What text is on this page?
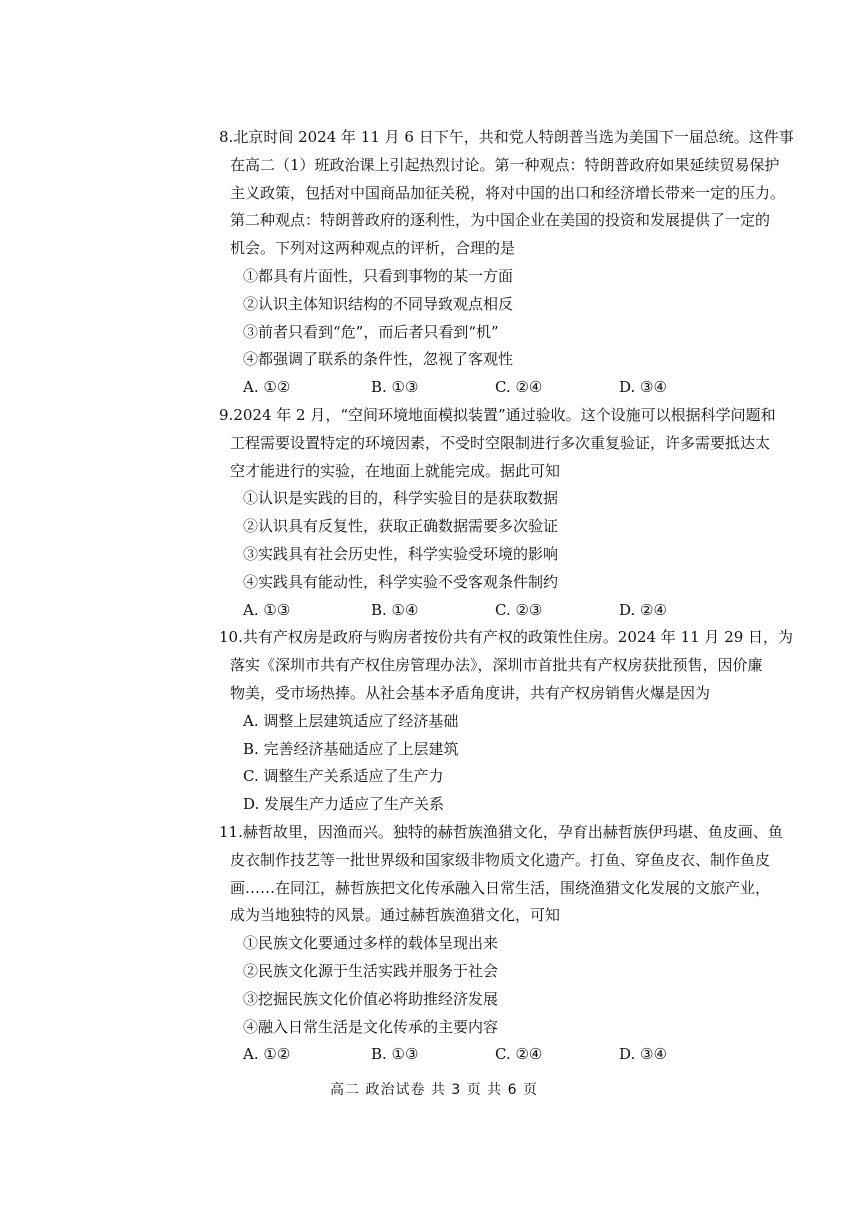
8.北京时间 2024 年 11 月 6 日下午，共和党人特朗普当选为美国下一届总统。这件事
在高二（1）班政治课上引起热烈讨论。第一种观点：特朗普政府如果延续贸易保护
主义政策，包括对中国商品加征关税，将对中国的出口和经济增长带来一定的压力。
第二种观点：特朗普政府的逐利性，为中国企业在美国的投资和发展提供了一定的
机会。下列对这两种观点的评析，合理的是
①都具有片面性，只看到事物的某一方面
②认识主体知识结构的不同导致观点相反
③前者只看到“危”，而后者只看到“机”
④都强调了联系的条件性，忽视了客观性
A. ①②	B. ①③	C. ②④	D. ③④
9.2024 年 2 月，“空间环境地面模拟装置”通过验收。这个设施可以根据科学问题和
工程需要设置特定的环境因素，不受时空限制进行多次重复验证，许多需要抵达太
空才能进行的实验，在地面上就能完成。据此可知
①认识是实践的目的，科学实验目的是获取数据
②认识具有反复性，获取正确数据需要多次验证
③实践具有社会历史性，科学实验受环境的影响
④实践具有能动性，科学实验不受客观条件制约
A. ①③	B. ①④	C. ②③	D. ②④
10.共有产权房是政府与购房者按份共有产权的政策性住房。2024 年 11 月 29 日，为
落实《深圳市共有产权住房管理办法》，深圳市首批共有产权房获批预售，因价廉
物美，受市场热捧。从社会基本矛盾角度讲，共有产权房销售火爆是因为
A. 调整上层建筑适应了经济基础
B. 完善经济基础适应了上层建筑
C. 调整生产关系适应了生产力
D. 发展生产力适应了生产关系
11.赫哲故里，因渔而兴。独特的赫哲族渔猎文化，孕育出赫哲族伊玛堪、鱼皮画、鱼
皮衣制作技艺等一批世界级和国家级非物质文化遗产。打鱼、穿鱼皮衣、制作鱼皮
画……在同江，赫哲族把文化传承融入日常生活，围绕渔猎文化发展的文旅产业，
成为当地独特的风景。通过赫哲族渔猎文化，可知
①民族文化要通过多样的载体呈现出来
②民族文化源于生活实践并服务于社会
③挖掘民族文化价值必将助推经济发展
④融入日常生活是文化传承的主要内容
A. ①②	B. ①③	C. ②④	D. ③④
高二 政治试卷 共 3 页 共 6 页
